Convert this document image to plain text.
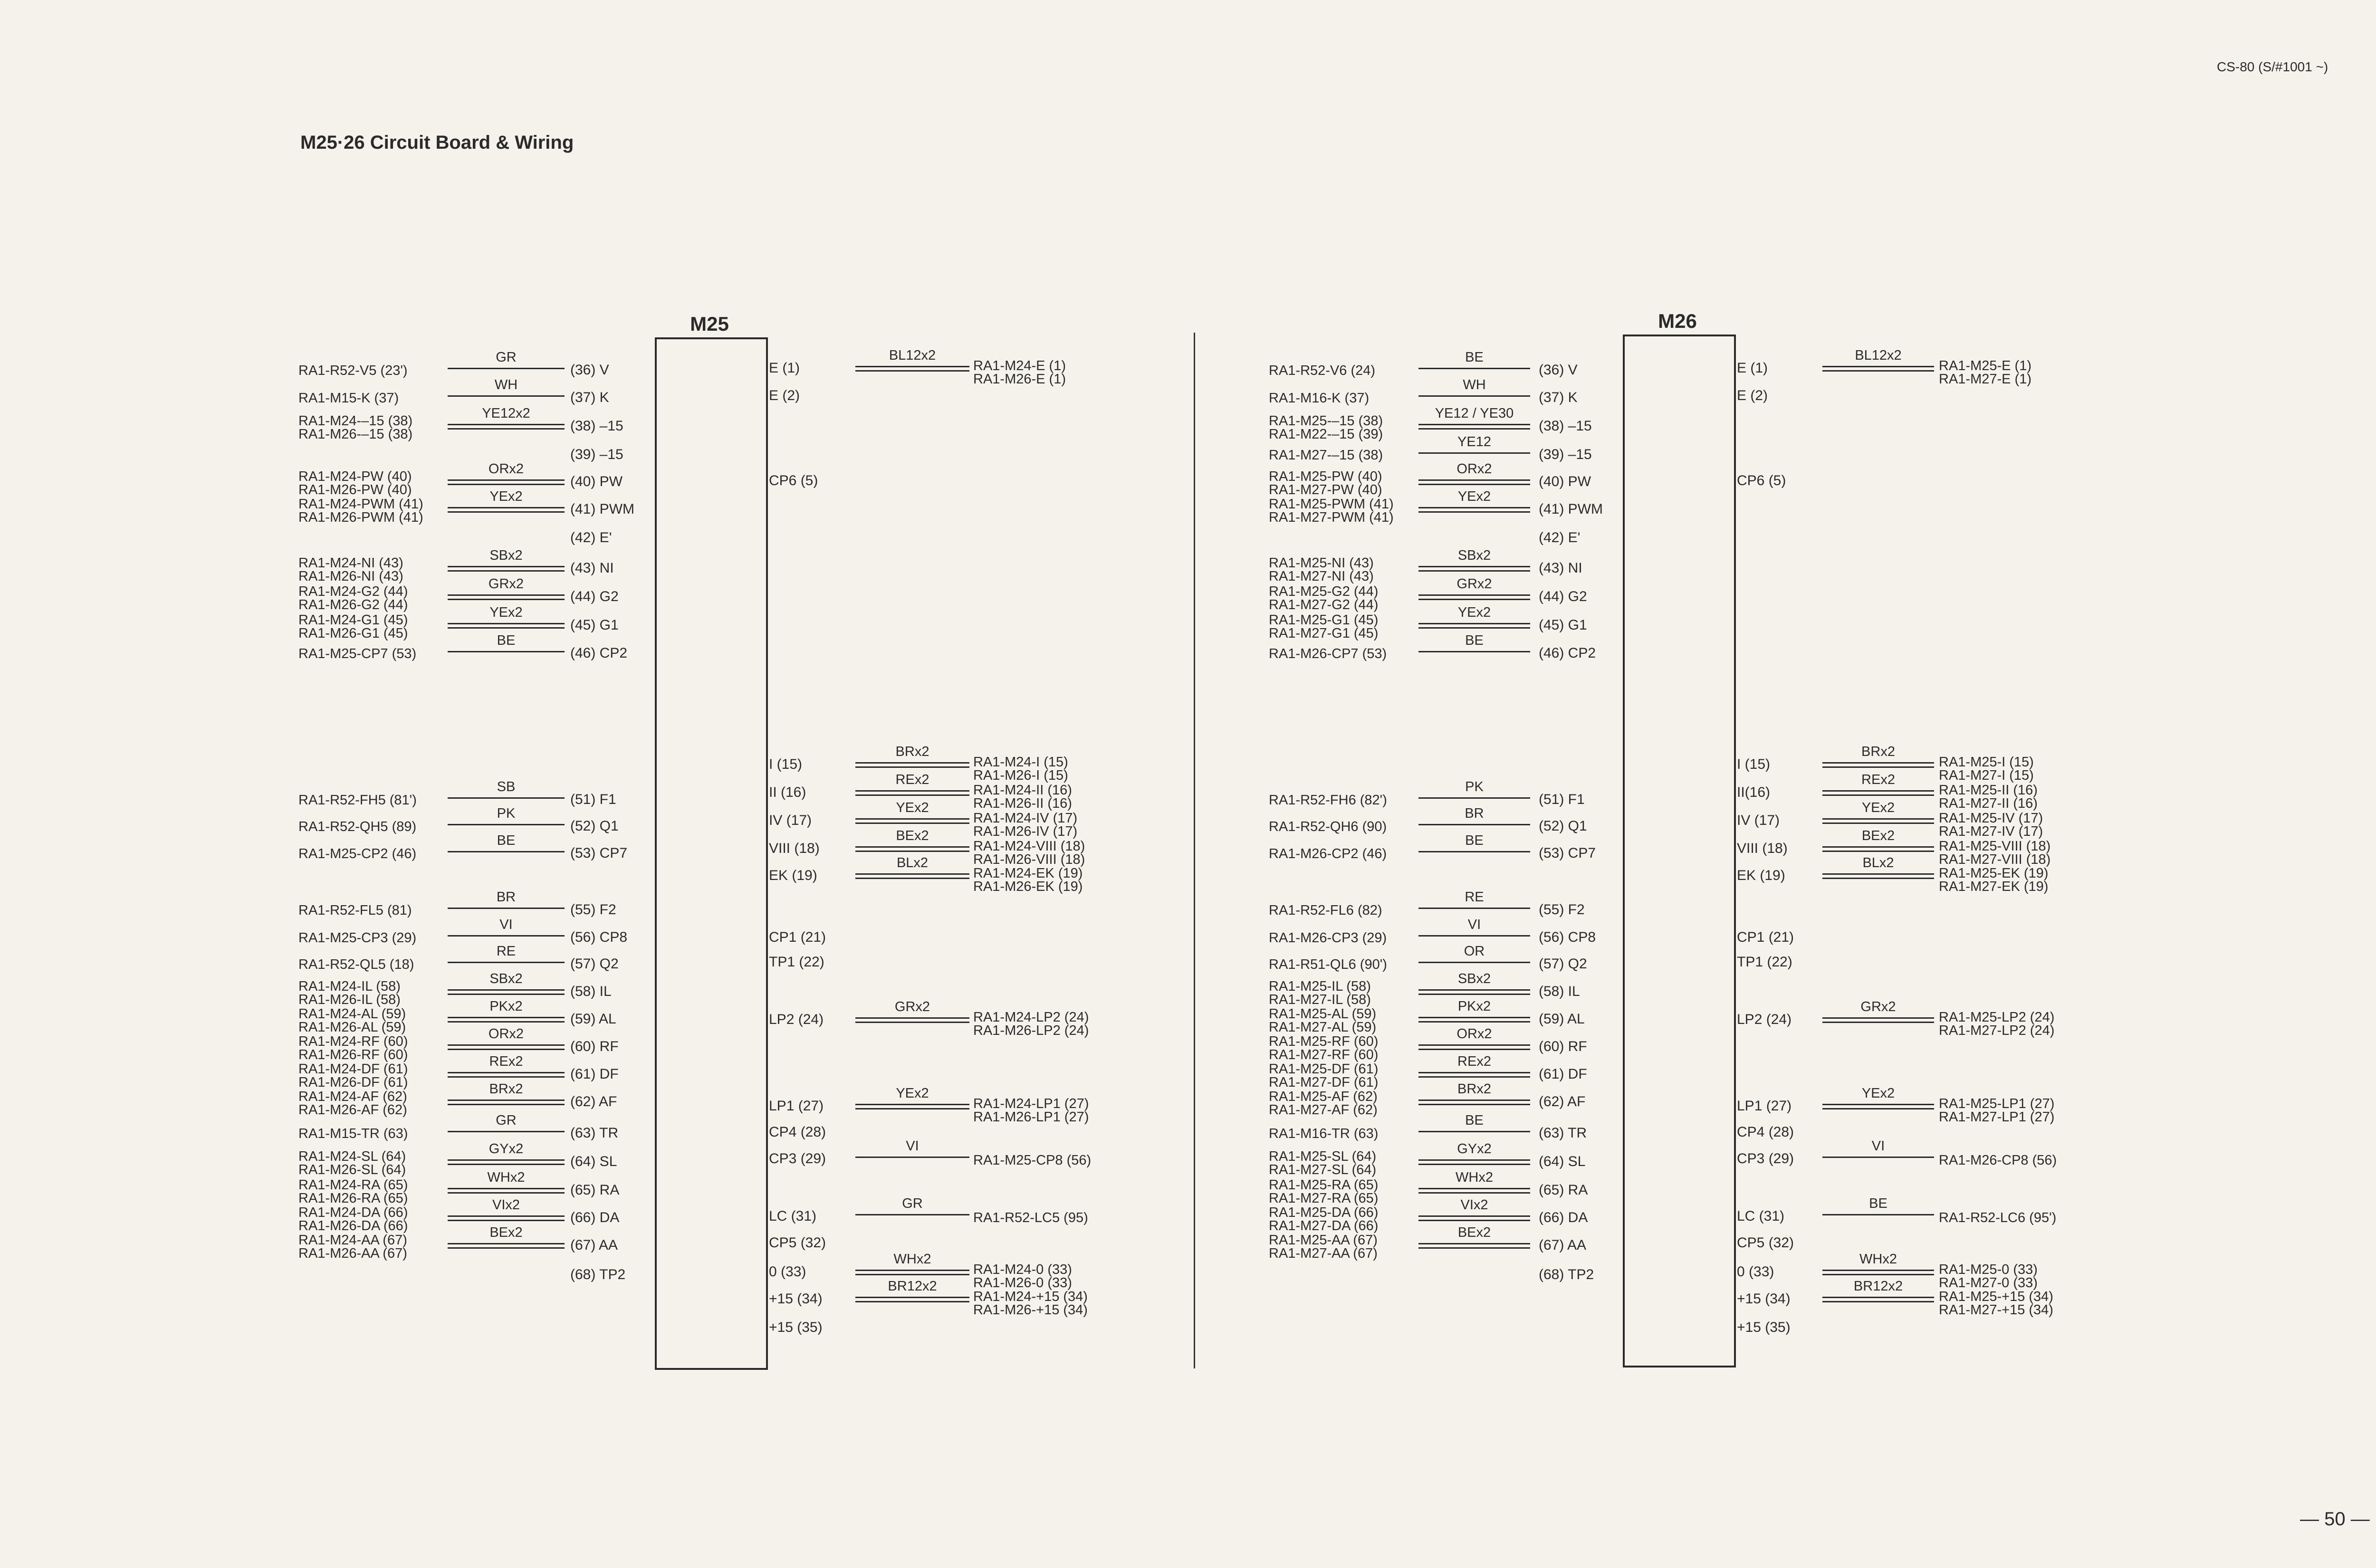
CS-80 (S/#1001 ~)
M25·26 Circuit Board & Wiring
— 50 —
M25
(36) V
GR
RA1-R52-V5 (23')
(37) K
WH
RA1-M15-K (37)
(38) –15
YE12x2
RA1-M24-–15 (38)
RA1-M26-–15 (38)
(39) –15
(40) PW
ORx2
RA1-M24-PW (40)
RA1-M26-PW (40)
(41) PWM
YEx2
RA1-M24-PWM (41)
RA1-M26-PWM (41)
(42) E'
(43) NI
SBx2
RA1-M24-NI (43)
RA1-M26-NI (43)
(44) G2
GRx2
RA1-M24-G2 (44)
RA1-M26-G2 (44)
(45) G1
YEx2
RA1-M24-G1 (45)
RA1-M26-G1 (45)
(46) CP2
BE
RA1-M25-CP7 (53)
(51) F1
SB
RA1-R52-FH5 (81')
(52) Q1
PK
RA1-R52-QH5 (89)
(53) CP7
BE
RA1-M25-CP2 (46)
(55) F2
BR
RA1-R52-FL5 (81)
(56) CP8
VI
RA1-M25-CP3 (29)
(57) Q2
RE
RA1-R52-QL5 (18)
(58) IL
SBx2
RA1-M24-IL (58)
RA1-M26-IL (58)
(59) AL
PKx2
RA1-M24-AL (59)
RA1-M26-AL (59)
(60) RF
ORx2
RA1-M24-RF (60)
RA1-M26-RF (60)
(61) DF
REx2
RA1-M24-DF (61)
RA1-M26-DF (61)
(62) AF
BRx2
RA1-M24-AF (62)
RA1-M26-AF (62)
(63) TR
GR
RA1-M15-TR (63)
(64) SL
GYx2
RA1-M24-SL (64)
RA1-M26-SL (64)
(65) RA
WHx2
RA1-M24-RA (65)
RA1-M26-RA (65)
(66) DA
VIx2
RA1-M24-DA (66)
RA1-M26-DA (66)
(67) AA
BEx2
RA1-M24-AA (67)
RA1-M26-AA (67)
(68) TP2
E (1)
BL12x2
RA1-M24-E (1)
RA1-M26-E (1)
E (2)
CP6 (5)
I (15)
BRx2
RA1-M24-I (15)
RA1-M26-I (15)
II (16)
REx2
RA1-M24-II (16)
RA1-M26-II (16)
IV (17)
YEx2
RA1-M24-IV (17)
RA1-M26-IV (17)
VIII (18)
BEx2
RA1-M24-VIII (18)
RA1-M26-VIII (18)
EK (19)
BLx2
RA1-M24-EK (19)
RA1-M26-EK (19)
CP1 (21)
TP1 (22)
LP2 (24)
GRx2
RA1-M24-LP2 (24)
RA1-M26-LP2 (24)
LP1 (27)
YEx2
RA1-M24-LP1 (27)
RA1-M26-LP1 (27)
CP4 (28)
CP3 (29)
VI
RA1-M25-CP8 (56)
LC (31)
GR
RA1-R52-LC5 (95)
CP5 (32)
0 (33)
WHx2
RA1-M24-0 (33)
RA1-M26-0 (33)
+15 (34)
BR12x2
RA1-M24-+15 (34)
RA1-M26-+15 (34)
+15 (35)
M26
(36) V
BE
RA1-R52-V6 (24)
(37) K
WH
RA1-M16-K (37)
(38) –15
YE12 / YE30
RA1-M25-–15 (38)
RA1-M22-–15 (39)
(39) –15
YE12
RA1-M27-–15 (38)
(40) PW
ORx2
RA1-M25-PW (40)
RA1-M27-PW (40)
(41) PWM
YEx2
RA1-M25-PWM (41)
RA1-M27-PWM (41)
(42) E'
(43) NI
SBx2
RA1-M25-NI (43)
RA1-M27-NI (43)
(44) G2
GRx2
RA1-M25-G2 (44)
RA1-M27-G2 (44)
(45) G1
YEx2
RA1-M25-G1 (45)
RA1-M27-G1 (45)
(46) CP2
BE
RA1-M26-CP7 (53)
(51) F1
PK
RA1-R52-FH6 (82')
(52) Q1
BR
RA1-R52-QH6 (90)
(53) CP7
BE
RA1-M26-CP2 (46)
(55) F2
RE
RA1-R52-FL6 (82)
(56) CP8
VI
RA1-M26-CP3 (29)
(57) Q2
OR
RA1-R51-QL6 (90')
(58) IL
SBx2
RA1-M25-IL (58)
RA1-M27-IL (58)
(59) AL
PKx2
RA1-M25-AL (59)
RA1-M27-AL (59)
(60) RF
ORx2
RA1-M25-RF (60)
RA1-M27-RF (60)
(61) DF
REx2
RA1-M25-DF (61)
RA1-M27-DF (61)
(62) AF
BRx2
RA1-M25-AF (62)
RA1-M27-AF (62)
(63) TR
BE
RA1-M16-TR (63)
(64) SL
GYx2
RA1-M25-SL (64)
RA1-M27-SL (64)
(65) RA
WHx2
RA1-M25-RA (65)
RA1-M27-RA (65)
(66) DA
VIx2
RA1-M25-DA (66)
RA1-M27-DA (66)
(67) AA
BEx2
RA1-M25-AA (67)
RA1-M27-AA (67)
(68) TP2
E (1)
BL12x2
RA1-M25-E (1)
RA1-M27-E (1)
E (2)
CP6 (5)
I (15)
BRx2
RA1-M25-I (15)
RA1-M27-I (15)
II(16)
REx2
RA1-M25-II (16)
RA1-M27-II (16)
IV (17)
YEx2
RA1-M25-IV (17)
RA1-M27-IV (17)
VIII (18)
BEx2
RA1-M25-VIII (18)
RA1-M27-VIII (18)
EK (19)
BLx2
RA1-M25-EK (19)
RA1-M27-EK (19)
CP1 (21)
TP1 (22)
LP2 (24)
GRx2
RA1-M25-LP2 (24)
RA1-M27-LP2 (24)
LP1 (27)
YEx2
RA1-M25-LP1 (27)
RA1-M27-LP1 (27)
CP4 (28)
CP3 (29)
VI
RA1-M26-CP8 (56)
LC (31)
BE
RA1-R52-LC6 (95')
CP5 (32)
0 (33)
WHx2
RA1-M25-0 (33)
RA1-M27-0 (33)
+15 (34)
BR12x2
RA1-M25-+15 (34)
RA1-M27-+15 (34)
+15 (35)
